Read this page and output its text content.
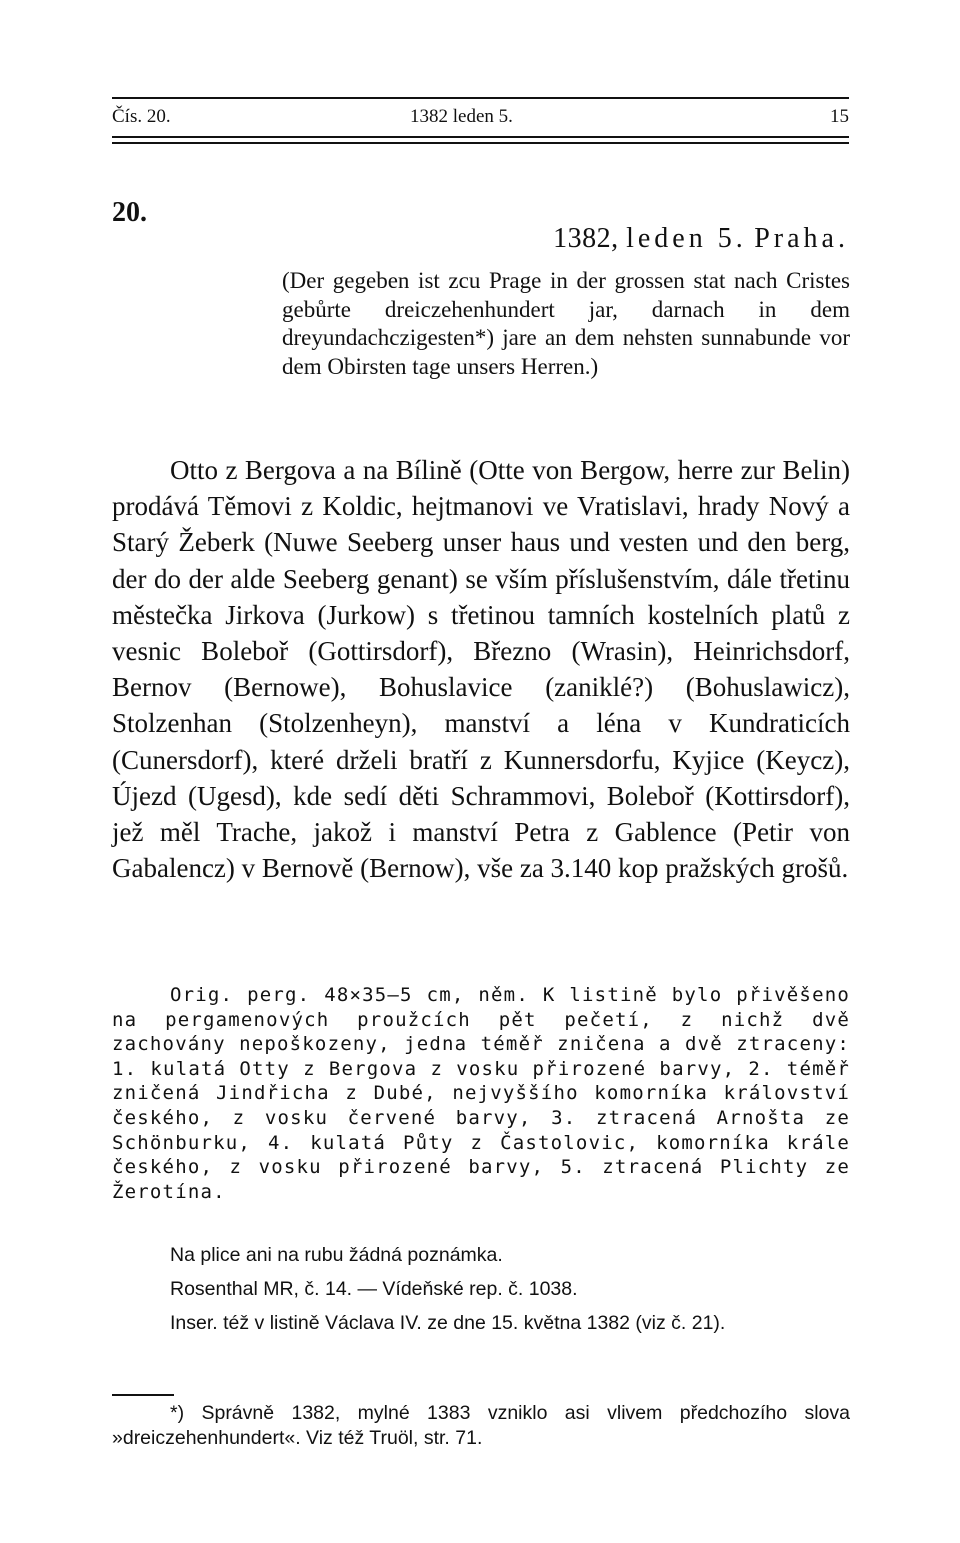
Čís. 20.	1382 leden 5.	15
20.
1382, leden 5. Praha.
(Der gegeben ist zcu Prage in der grossen stat nach Cristes gebůrte dreiczehenhundert jar, darnach in dem dreyundachczigesten*) jare an dem nehsten sunnabunde vor dem Obirsten tage unsers Herren.)
Otto z Bergova a na Bílině (Otte von Bergow, herre zur Belin) prodává Těmovi z Koldic, hejtmanovi ve Vratislavi, hrady Nový a Starý Žeberk (Nuwe Seeberg unser haus und vesten und den berg, der do der alde Seeberg genant) se vším příslušenstvím, dále třetinu městečka Jirkova (Jurkow) s třetinou tamních kostelních platů z vesnic Boleboř (Gottirsdorf), Březno (Wrasin), Heinrichsdorf, Bernov (Bernowe), Bohuslavice (zaniklé?) (Bohuslawicz), Stolzenhan (Stolzenheyn), manství a léna v Kundraticích (Cunersdorf), které drželi bratří z Kunnersdorfu, Kyjice (Keycz), Újezd (Ugesd), kde sedí děti Schrammovi, Boleboř (Kottirsdorf), jež měl Trache, jakož i manství Petra z Gablence (Petir von Gabalencz) v Bernově (Bernow), vše za 3.140 kop pražských grošů.
Orig. perg. 48×35—5 cm, něm. K listině bylo přivěšeno na pergamenových proužcích pět pečetí, z nichž dvě zachovány nepoškozeny, jedna téměř zničena a dvě ztraceny: 1. kulatá Otty z Bergova z vosku přirozené barvy, 2. téměř zničená Jindřicha z Dubé, nejvyššího komorníka království českého, z vosku červené barvy, 3. ztracená Arnošta ze Schönburku, 4. kulatá Půty z Častolovic, komorníka krále českého, z vosku přirozené barvy, 5. ztracená Plichty ze Žerotína.
Na plice ani na rubu žádná poznámka.
Rosenthal MR, č. 14. — Vídeňské rep. č. 1038.
Inser. též v listině Václava IV. ze dne 15. května 1382 (viz č. 21).
*) Správně 1382, mylné 1383 vzniklo asi vlivem předchozího slova »dreiczehenhundert«. Viz též Truöl, str. 71.
